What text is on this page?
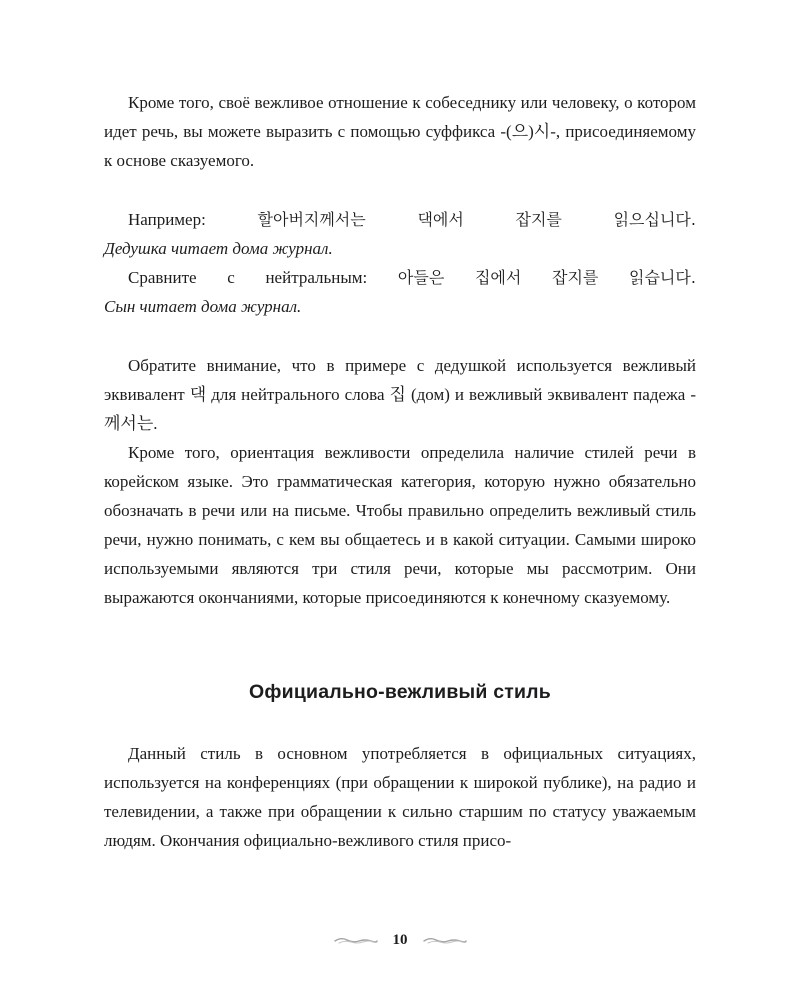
Кроме того, своё вежливое отношение к собеседнику или человеку, о котором идет речь, вы можете выразить с помощью суффикса -(으)시-, присоединяемому к основе сказуемого.

Например:	할아버지께서는	댁에서	잡지를	읽으십니다.

Дедушка читает дома журнал.

Сравните с нейтральным: 아들은 집에서 잡지를 읽습니다.

Сын читает дома журнал.

Обратите внимание, что в примере с дедушкой используется вежливый эквивалент 댁 для нейтрального слова 집 (дом) и вежливый эквивалент падежа -께서는.

Кроме того, ориентация вежливости определила наличие стилей речи в корейском языке. Это грамматическая категория, которую нужно обязательно обозначать в речи или на письме. Чтобы правильно определить вежливый стиль речи, нужно понимать, с кем вы общаетесь и в какой ситуации. Самыми широко используемыми являются три стиля речи, которые мы рассмотрим. Они выражаются окончаниями, которые присоединяются к конечному сказуемому.

Официально-вежливый стиль

Данный стиль в основном употребляется в официальных ситуациях, используется на конференциях (при обращении к широкой публике), на радио и телевидении, а также при обращении к сильно старшим по статусу уважаемым людям. Окончания официально-вежливого стиля присо-

10
